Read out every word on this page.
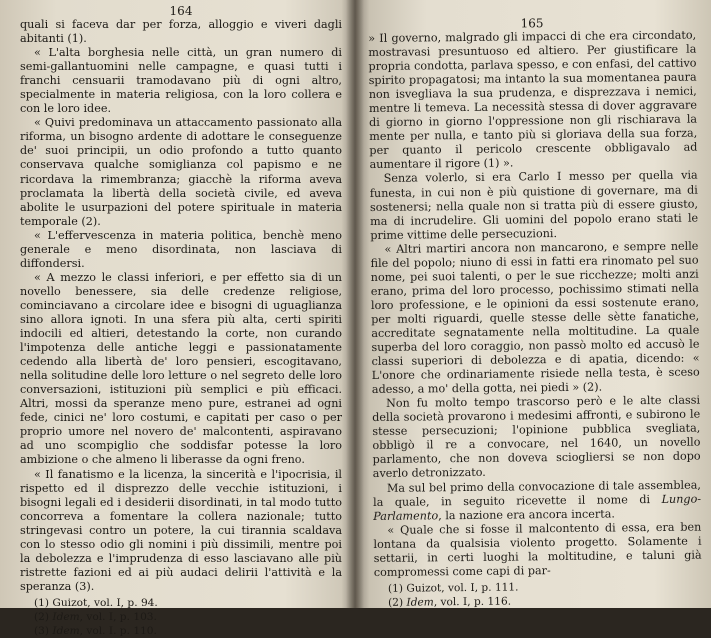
164

quali si faceva dar per forza, alloggio e viveri dagli abitanti (1).

« L'alta borghesia nelle città, un gran numero di semi-gallantuomini nelle campagne, e quasi tutti i franchi censuarii tramodavano più di ogni altro, specialmente in materia religiosa, con la loro collera e con le loro idee.

« Quivi predominava un attaccamento passionato alla riforma, un bisogno ardente di adottare le conseguenze de' suoi principii, un odio profondo a tutto quanto conservava qualche somiglianza col papismo e ne ricordava la rimembranza; giacchè la riforma aveva proclamata la libertà della società civile, ed aveva abolite le usurpazioni del potere spirituale in materia temporale (2).

« L'effervescenza in materia politica, benchè meno generale e meno disordinata, non lasciava di diffondersi.

« A mezzo le classi inferiori, e per effetto sia di un novello benessere, sia delle credenze religiose, cominciavano a circolare idee e bisogni di uguaglianza sino allora ignoti. In una sfera più alta, certi spiriti indocili ed altieri, detestando la corte, non curando l'impotenza delle antiche leggi e passionatamente cedendo alla libertà de' loro pensieri, escogitavano, nella solitudine delle loro letture o nel segreto delle loro conversazioni, istituzioni più semplici e più efficaci. Altri, mossi da speranze meno pure, estranei ad ogni fede, cinici ne' loro costumi, e capitati per caso o per proprio umore nel novero de' malcontenti, aspiravano ad uno scompiglio che soddisfar potesse la loro ambizione o che almeno li liberasse da ogni freno.

« Il fanatismo e la licenza, la sincerità e l'ipocrisia, il rispetto ed il disprezzo delle vecchie istituzioni, i bisogni legali ed i desiderii disordinati, in tal modo tutto concorreva a fomentare la collera nazionale; tutto stringevasi contro un potere, la cui tirannia scaldava con lo stesso odio gli nomini i più dissimili, mentre poi la debolezza e l'imprudenza di esso lasciavano alle più ristrette fazioni ed ai più audaci delirii l'attività e la speranza (3).

(1) Guizot, vol. I, p. 94.

(2) Idem, vol. I, p. 103.

(3) Idem, vol. I. p. 110.

165

» Il governo, malgrado gli impacci di che era circondato, mostravasi presuntuoso ed altiero. Per giustificare la propria condotta, parlava spesso, e con enfasi, del cattivo spirito propagatosi; ma intanto la sua momentanea paura non isvegliava la sua prudenza, e disprezzava i nemici, mentre li temeva. La necessità stessa di dover aggravare di giorno in giorno l'oppressione non gli rischiarava la mente per nulla, e tanto più si gloriava della sua forza, per quanto il pericolo crescente obbligavalo ad aumentare il rigore (1) ».

Senza volerlo, si era Carlo I messo per quella via funesta, in cui non è più quistione di governare, ma di sostenersi; nella quale non si tratta più di essere giusto, ma di incrudelire. Gli uomini del popolo erano stati le prime vittime delle persecuzioni.

« Altri martiri ancora non mancarono, e sempre nelle file del popolo; niuno di essi in fatti era rinomato pel suo nome, pei suoi talenti, o per le sue ricchezze; molti anzi erano, prima del loro processo, pochissimo stimati nella loro professione, e le opinioni da essi sostenute erano, per molti riguardi, quelle stesse delle sètte fanatiche, accreditate segnatamente nella moltitudine. La quale superba del loro coraggio, non passò molto ed accusò le classi superiori di debolezza e di apatia, dicendo: « L'onore che ordinariamente risiede nella testa, è sceso adesso, a mo' della gotta, nei piedi » (2).

Non fu molto tempo trascorso però e le alte classi della società provarono i medesimi affronti, e subirono le stesse persecuzioni; l'opinione pubblica svegliata, obbligò il re a convocare, nel 1640, un novello parlamento, che non doveva sciogliersi se non dopo averlo detronizzato.

Ma sul bel primo della convocazione di tale assemblea, la quale, in seguito ricevette il nome di Lungo-Parlamento, la nazione era ancora incerta.

« Quale che si fosse il malcontento di essa, era ben lontana da qualsisia violento progetto. Solamente i settarii, in certi luoghi la moltitudine, e taluni già compromessi come capi di par-

(1) Guizot, vol. I, p. 111.

(2) Idem, vol. I, p. 116.
